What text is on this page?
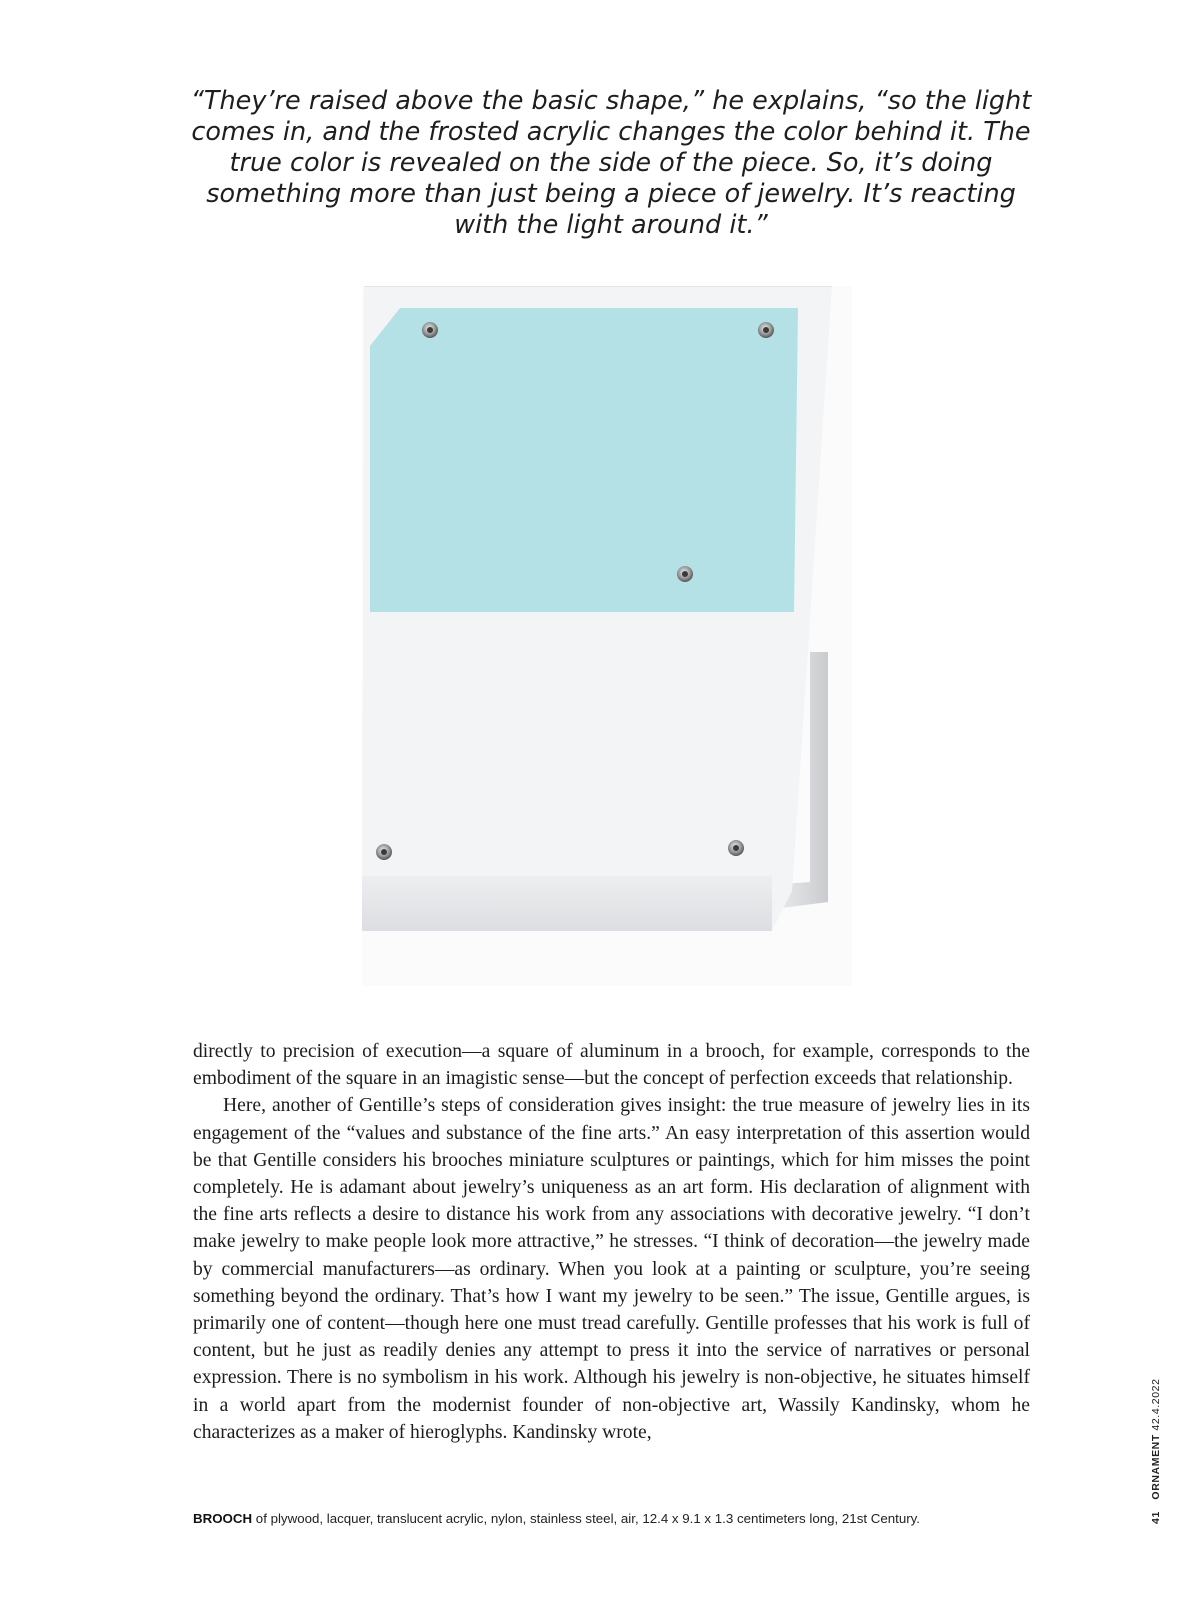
“They’re raised above the basic shape,” he explains, “so the light comes in, and the frosted acrylic changes the color behind it. The true color is revealed on the side of the piece. So, it’s doing something more than just being a piece of jewelry. It’s reacting with the light around it.”

directly to precision of execution—a square of aluminum in a brooch, for example, corresponds to the embodiment of the square in an imagistic sense—but the concept of perfection exceeds that relationship.

Here, another of Gentille’s steps of consideration gives insight: the true measure of jewelry lies in its engagement of the “values and substance of the fine arts.” An easy interpretation of this assertion would be that Gentille considers his brooches miniature sculptures or paintings, which for him misses the point completely. He is adamant about jewelry’s uniqueness as an art form. His declaration of alignment with the fine arts reflects a desire to distance his work from any associations with decorative jewelry. “I don’t make jewelry to make people look more attractive,” he stresses. “I think of decoration—the jewelry made by commercial manufacturers—as ordinary. When you look at a painting or sculpture, you’re seeing something beyond the ordinary. That’s how I want my jewelry to be seen.” The issue, Gentille argues, is primarily one of content—though here one must tread carefully. Gentille professes that his work is full of content, but he just as readily denies any attempt to press it into the service of narratives or personal expression. There is no symbolism in his work. Although his jewelry is non-objective, he situates himself in a world apart from the modernist founder of non-objective art, Wassily Kandinsky, whom he characterizes as a maker of hieroglyphs. Kandinsky wrote,

BROOCH of plywood, lacquer, translucent acrylic, nylon, stainless steel, air, 12.4 x 9.1 x 1.3 centimeters long, 21st Century.	41 ORNAMENT 42.4.2022
